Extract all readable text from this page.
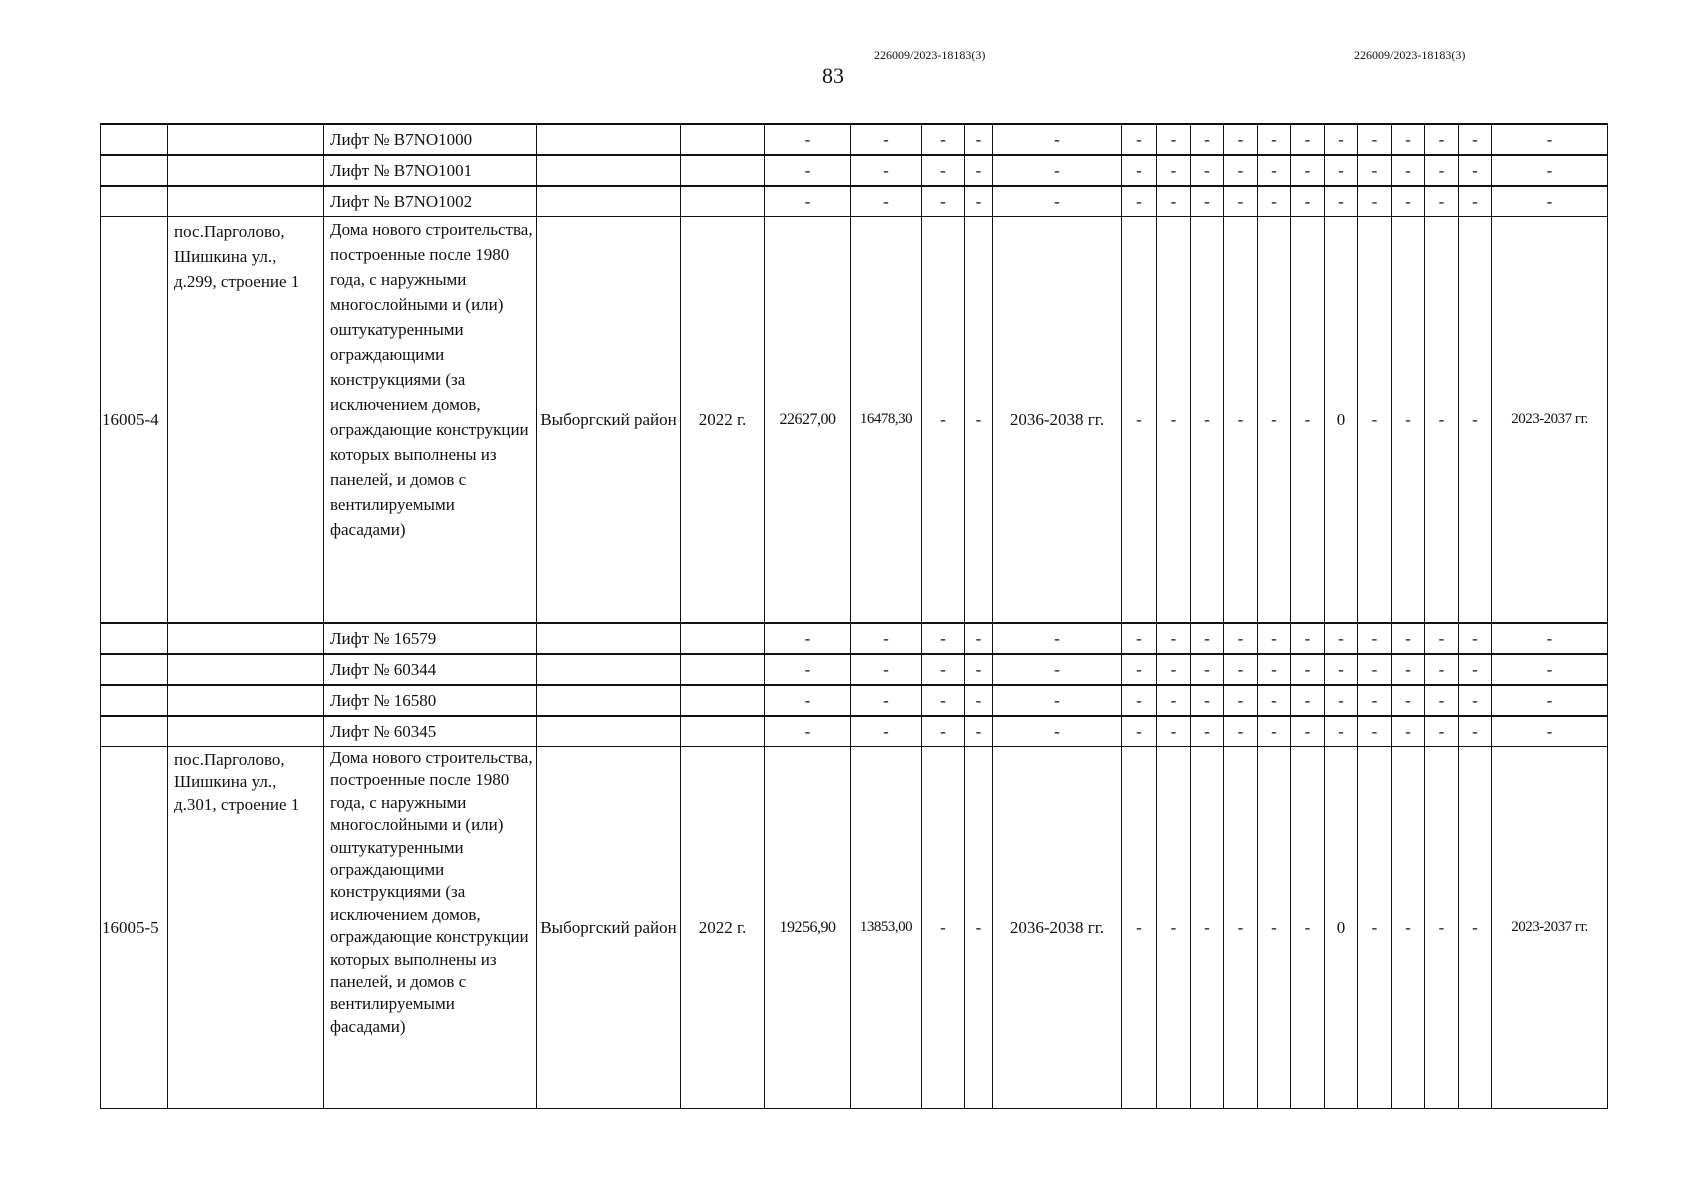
226009/2023-18183(3)
83
226009/2023-18183(3)
		Лифт № B7NO1000			-	-	-	-	-	-	-	-	-	-	-	-	-	-	-	-	-
		Лифт № B7NO1001			-	-	-	-	-	-	-	-	-	-	-	-	-	-	-	-	-
		Лифт № B7NO1002			-	-	-	-	-	-	-	-	-	-	-	-	-	-	-	-	-
16005-4	пос.Парголово, Шишкина ул., д.299, строение 1	Дома нового строительства, построенные после 1980 года, с наружными многослойными и (или) оштукатуренными ограждающими конструкциями (за исключением домов, ограждающие конструкции которых выполнены из панелей, и домов с вентилируемыми фасадами)	Выборгский район	2022 г.	22627,00	16478,30	-	-	2036-2038 гг.	-	-	-	-	-	-	0	-	-	-	-	2023-2037 гг.
		Лифт № 16579			-	-	-	-	-	-	-	-	-	-	-	-	-	-	-	-	-
		Лифт № 60344			-	-	-	-	-	-	-	-	-	-	-	-	-	-	-	-	-
		Лифт № 16580			-	-	-	-	-	-	-	-	-	-	-	-	-	-	-	-	-
		Лифт № 60345			-	-	-	-	-	-	-	-	-	-	-	-	-	-	-	-	-
16005-5	пос.Парголово, Шишкина ул., д.301, строение 1	Дома нового строительства, построенные после 1980 года, с наружными многослойными и (или) оштукатуренными ограждающими конструкциями (за исключением домов, ограждающие конструкции которых выполнены из панелей, и домов с вентилируемыми фасадами)	Выборгский район	2022 г.	19256,90	13853,00	-	-	2036-2038 гг.	-	-	-	-	-	-	0	-	-	-	-	2023-2037 гг.
